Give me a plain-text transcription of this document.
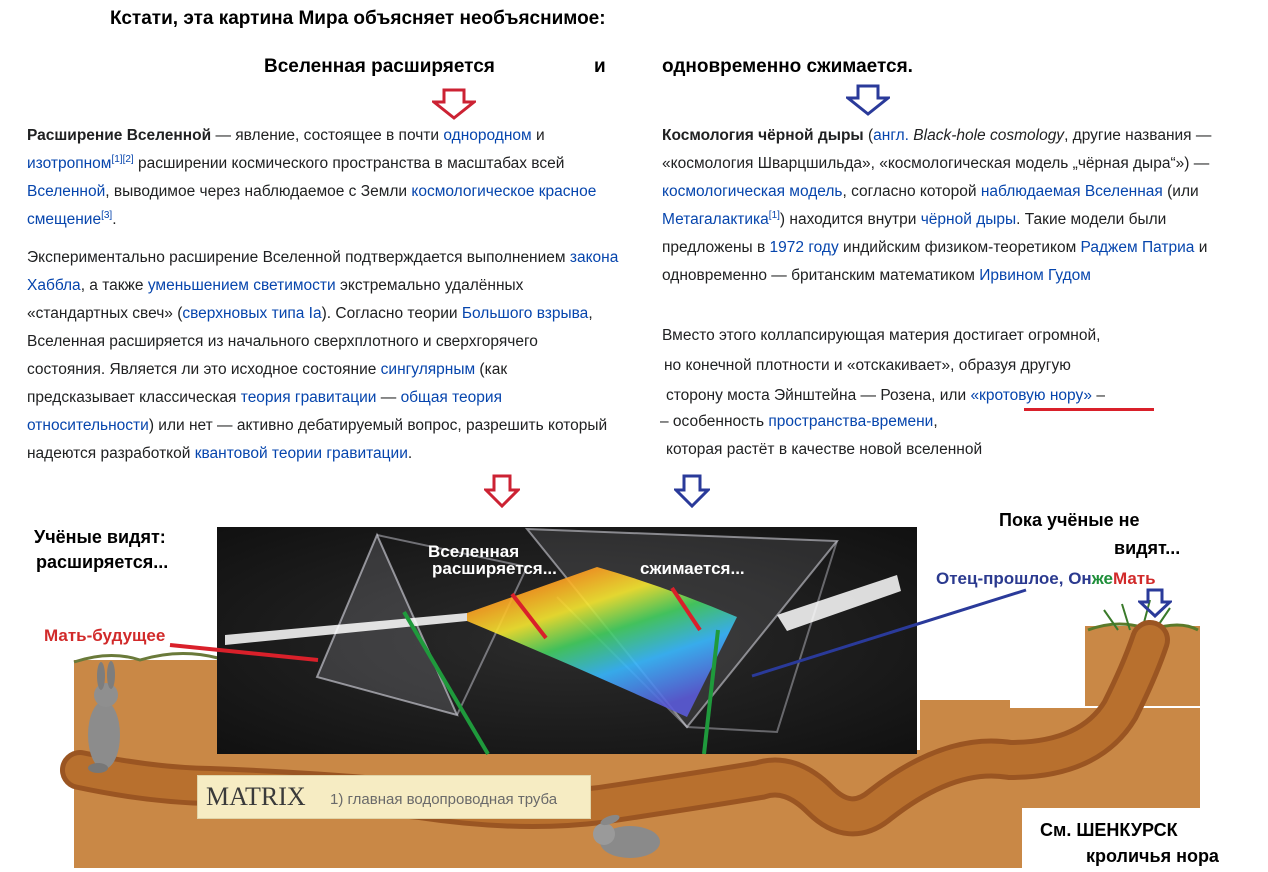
Кстати, эта картина Мира объясняет необъяснимое:
Вселенная расширяется	и	одновременно сжимается.

Расширение Вселенной — явление, состоящее в почти однородном и изотропном[1][2] расширении космического пространства в масштабах всей Вселенной, выводимое через наблюдаемое с Земли космологическое красное смещение[3].

Экспериментально расширение Вселенной подтверждается выполнением закона Хаббла, а также уменьшением светимости экстремально удалённых «стандартных свеч» (сверхновых типа Ia). Согласно теории Большого взрыва, Вселенная расширяется из начального сверхплотного и сверхгорячего состояния. Является ли это исходное состояние сингулярным (как предсказывает классическая теория гравитации — общая теория относительности) или нет — активно дебатируемый вопрос, разрешить который надеются разработкой квантовой теории гравитации.

Космология чёрной дыры (англ. Black-hole cosmology, другие названия — «космология Шварцшильда», «космологическая модель „чёрная дыра“») — космологическая модель, согласно которой наблюдаемая Вселенная (или Метагалактика[1]) находится внутри чёрной дыры. Такие модели были предложены в 1972 году индийским физиком-теоретиком Раджем Патриа и одновременно — британским математиком Ирвином Гудом

Вместо этого коллапсирующая материя достигает огромной,
но конечной плотности и «отскакивает», образуя другую
сторону моста Эйнштейна — Розена, или «кротовую нору» –
– особенность пространства-времени,
которая растёт в качестве новой вселенной
Вселенная
расширяется...	сжимается...
Учёные видят:
расширяется...
Мать-будущее
Пока учёные не
видят...
Отец-прошлое, ОнжеМать
MATRIX 1) главная водопроводная труба
См. ШЕНКУРСК
кроличья нора
